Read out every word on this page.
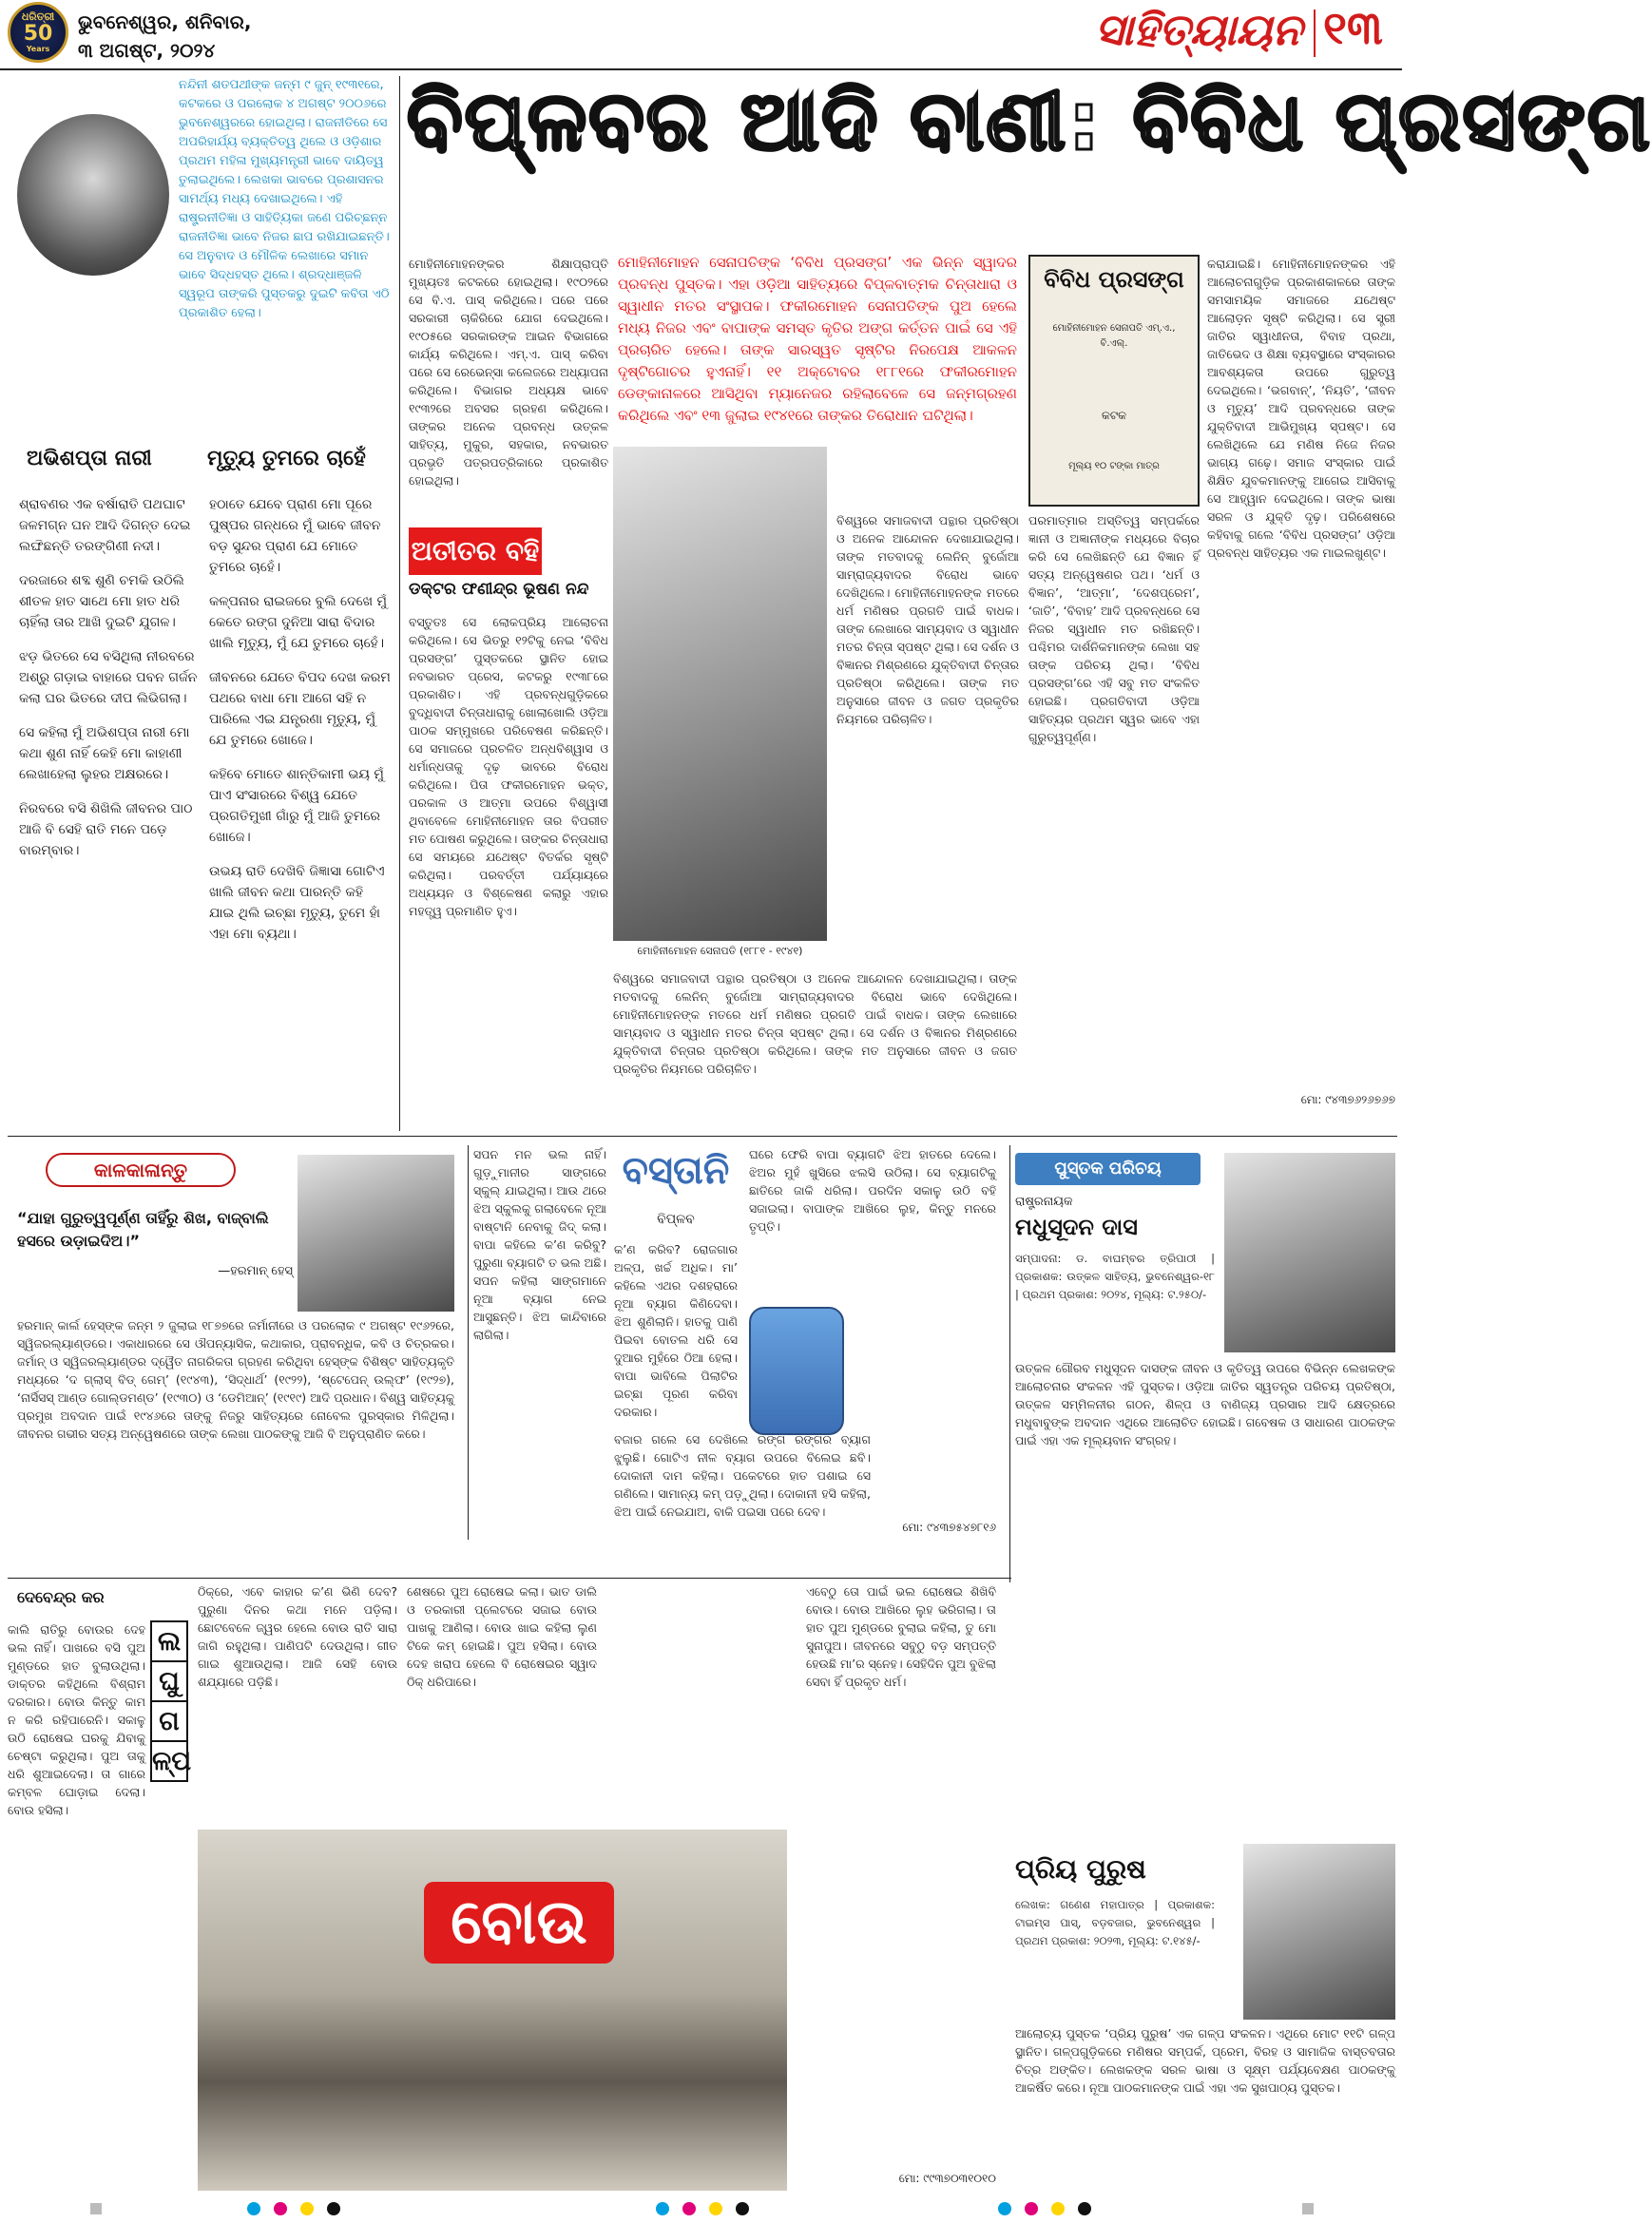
ଧରିତ୍ରୀ
50
Years
ଭୁବନେଶ୍ୱର, ଶନିବାର,
୩ ଅଗଷ୍ଟ, ୨୦୨୪	ସାହିତ୍ୟାୟନ ୧୩
ନନ୍ଦିନୀ ଶତପଥୀଙ୍କ ଜନ୍ମ ୯ ଜୁନ୍ ୧୯୩୧ରେ, କଟକରେ ଓ ପରଲୋକ ୪ ଅଗଷ୍ଟ ୨୦୦୬ରେ ଭୁବନେଶ୍ୱରରେ ହୋଇଥିଲା। ରାଜନୀତିରେ ସେ ଅପରିହାର୍ଯ୍ୟ ବ୍ୟକ୍ତିତ୍ୱ ଥିଲେ ଓ ଓଡ଼ିଶାର ପ୍ରଥମ ମହିଳା ମୁଖ୍ୟମନ୍ତ୍ରୀ ଭାବେ ଦାୟିତ୍ୱ ତୁଲାଇଥିଲେ। ଲେଖକା ଭାବରେ ପ୍ରଶାସନର ସାମର୍ଥ୍ୟ ମଧ୍ୟ ଦେଖାଇଥିଲେ। ଏହି ରାଷ୍ଟ୍ରନୀତିଜ୍ଞା ଓ ସାହିତ୍ୟିକା ଜଣେ ପରିଚ୍ଛନ୍ନ ରାଜନୀତିଜ୍ଞା ଭାବେ ନିଜର ଛାପ ରଖିଯାଇଛନ୍ତି। ସେ ଅନୁବାଦ ଓ ମୌଳିକ ଲେଖାରେ ସମାନ ଭାବେ ସିଦ୍ଧହସ୍ତ ଥିଲେ। ଶ୍ରଦ୍ଧାଞ୍ଜଳି ସ୍ୱରୂପ ତାଙ୍କରି ପୁସ୍ତକରୁ ଦୁଇଟି କବିତା ଏଠି ପ୍ରକାଶିତ ହେଲା।
ଅଭିଶପ୍ତା ନାରୀ	ମୃତ୍ୟୁ ତୁମରେ ଚାହେଁ

ଶ୍ରାବଣର ଏକ ବର୍ଷାରାତି ପଥଘାଟ ଜଳମଗ୍ନ ଘନ ଆଦି ଦିଗନ୍ତ ଦେଇ ଲଙ୍ଘିଛନ୍ତି ତରଙ୍ଗିଣୀ ନଦୀ।

ଦରଜାରେ ଶବ୍ଦ ଶୁଣି ଚମକି ଉଠିଲି ଶୀତଳ ହାତ ସାଥେ ମୋ ହାତ ଧରି ଚାହିଁଲା ତାର ଆଖି ଦୁଇଟି ଯୁଗଳ।

ଝଡ଼ ଭିତରେ ସେ ବସିଥିଲା ନୀରବରେ ଅଶ୍ରୁ ଗଡ଼ାଇ ବାହାରେ ପବନ ଗର୍ଜନ କଲା ଘର ଭିତରେ ଦୀପ ଲିଭିଗଲା।

ସେ କହିଲା ମୁଁ ଅଭିଶପ୍ତା ନାରୀ ମୋ କଥା ଶୁଣ ନାହିଁ କେହି ମୋ କାହାଣୀ ଲେଖାହେଲା ଲୁହର ଅକ୍ଷରରେ।

ନିରବରେ ବସି ଶିଖିଲି ଜୀବନର ପାଠ ଆଜି ବି ସେହି ରାତି ମନେ ପଡ଼େ ବାରମ୍ବାର।

ହଠାତେ ଯେବେ ପ୍ରାଣ ମୋ ପୂରେ ପୁଷ୍ପର ଗନ୍ଧରେ ମୁଁ ଭାବେ ଜୀବନ ବଡ଼ ସୁନ୍ଦର ପ୍ରାଣ ଯେ ମୋତେ ତୁମରେ ଚାହେଁ।

କଳ୍ପନାର ରାଇଜରେ ବୁଲି ଦେଖେ ମୁଁ କେତେ ରଙ୍ଗ ଦୁନିଆ ସାରା ବିଦାର ଖାଲି ମୃତ୍ୟୁ, ମୁଁ ଯେ ତୁମରେ ଚାହେଁ।

ଜୀବନରେ ଯେତେ ବିପଦ ଦେଖ କରମ ପଥରେ ବାଧା ମୋ ଆଗେ ସହି ନ ପାରିଲେ ଏଇ ଯନ୍ତ୍ରଣା ମୃତ୍ୟୁ, ମୁଁ ଯେ ତୁମରେ ଖୋଜେ।

କହିବେ ମୋତେ ଶାନ୍ତିକାମୀ ଭୟ ମୁଁ ପାଏ ସଂସାରରେ ବିଶ୍ୱ ଯେତେ ପ୍ରଗତିମୁଖୀ ଗାଁରୁ ମୁଁ ଆଜି ତୁମରେ ଖୋଜେ।

ଉଭୟ ରାତି ଦେଖିବି ଜିଜ୍ଞାସା ଗୋଟିଏ ଖାଲି ଜୀବନ କଥା ପାରନ୍ତି କହି ଯାଇ ଥିଲି ଇଚ୍ଛା ମୃତ୍ୟୁ, ତୁମେ ହାଁ ଏହା ମୋ ବ୍ୟଥା।

ବିପ୍ଳବର ଆଦି ବାଣୀ: ବିବିଧ ପ୍ରସଙ୍ଗ
ମୋହିନୀମୋହନଙ୍କର ଶିକ୍ଷାପ୍ରାପ୍ତି ମୁଖ୍ୟତଃ କଟକରେ ହୋଇଥିଲା। ୧୯୦୨ରେ ସେ ବି.ଏ. ପାସ୍ କରିଥିଲେ। ପରେ ପରେ ସରକାରୀ ଚାକିରିରେ ଯୋଗ ଦେଇଥିଲେ। ୧୯୦୫ରେ ସରକାରଙ୍କ ଆଇନ ବିଭାଗରେ କାର୍ଯ୍ୟ କରିଥିଲେ। ଏମ୍.ଏ. ପାସ୍ କରିବା ପରେ ସେ ରେଭେନ୍ସା କଲେଜରେ ଅଧ୍ୟାପନା କରିଥିଲେ। ବିଭାଗର ଅଧ୍ୟକ୍ଷ ଭାବେ ୧୯୩୨ରେ ଅବସର ଗ୍ରହଣ କରିଥିଲେ। ତାଙ୍କର ଅନେକ ପ୍ରବନ୍ଧ ଉତ୍କଳ ସାହିତ୍ୟ, ମୁକୁର, ସହକାର, ନବଭାରତ ପ୍ରଭୃତି ପତ୍ରପତ୍ରିକାରେ ପ୍ରକାଶିତ ହୋଇଥିଲା।
ମୋହିନୀମୋହନ ସେନାପତିଙ୍କ ‘ବିବିଧ ପ୍ରସଙ୍ଗ’ ଏକ ଭିନ୍ନ ସ୍ୱାଦର ପ୍ରବନ୍ଧ ପୁସ୍ତକ। ଏହା ଓଡ଼ିଆ ସାହିତ୍ୟରେ ବିପ୍ଳବାତ୍ମକ ଚିନ୍ତାଧାରା ଓ ସ୍ୱାଧୀନ ମତର ସଂସ୍ଥାପକ। ଫକୀରମୋହନ ସେନାପତିଙ୍କ ପୁଅ ହେଲେ ମଧ୍ୟ ନିଜର ଏବଂ ବାପାଙ୍କ ସମସ୍ତ କୃତିର ଅଙ୍ଗ କର୍ତ୍ତନ ପାଇଁ ସେ ଏହି ପ୍ରଚାରିତ ହେଲେ। ତାଙ୍କ ସାରସ୍ୱତ ସୃଷ୍ଟିର ନିରପେକ୍ଷ ଆକଳନ ଦୃଷ୍ଟିଗୋଚର ହୁଏନାହିଁ। ୧୧ ଅକ୍ଟୋବର ୧୮୮୧ରେ ଫକୀରମୋହନ ଡେଙ୍କାନାଳରେ ଆସିଥିବା ମ୍ୟାନେଜର ରହିଲାବେଳେ ସେ ଜନ୍ମଗ୍ରହଣ କରିଥିଲେ ଏବଂ ୧୩ ଜୁଲାଇ ୧୯୪୧ରେ ତାଙ୍କର ତିରୋଧାନ ଘଟିଥିଲା।
ବିବିଧ ପ୍ରସଙ୍ଗ
ମୋହିନୀମୋହନ ସେନାପତି ଏମ୍.ଏ., ବି.ଏଲ୍.
କଟକ
ମୂଲ୍ୟ ୧୦ ଟଙ୍କା ମାତ୍ର
କରାଯାଇଛି। ମୋହିନୀମୋହନଙ୍କର ଏହି ଆଲୋଚନାଗୁଡ଼ିକ ପ୍ରକାଶକାଳରେ ତାଙ୍କ ସମସାମୟିକ ସମାଜରେ ଯଥେଷ୍ଟ ଆଲୋଡ଼ନ ସୃଷ୍ଟି କରିଥିଲା। ସେ ସ୍ତ୍ରୀ ଜାତିର ସ୍ୱାଧୀନତା, ବିବାହ ପ୍ରଥା, ଜାତିଭେଦ ଓ ଶିକ୍ଷା ବ୍ୟବସ୍ଥାରେ ସଂସ୍କାରର ଆବଶ୍ୟକତା ଉପରେ ଗୁରୁତ୍ୱ ଦେଇଥିଲେ। ‘ଭଗବାନ୍’, ‘ନିୟତି’, ‘ଜୀବନ ଓ ମୃତ୍ୟୁ’ ଆଦି ପ୍ରବନ୍ଧରେ ତାଙ୍କ ଯୁକ୍ତିବାଦୀ ଆଭିମୁଖ୍ୟ ସ୍ପଷ୍ଟ। ସେ ଲେଖିଥିଲେ ଯେ ମଣିଷ ନିଜେ ନିଜର ଭାଗ୍ୟ ଗଢ଼େ। ସମାଜ ସଂସ୍କାର ପାଇଁ ଶିକ୍ଷିତ ଯୁବକମାନଙ୍କୁ ଆଗେଇ ଆସିବାକୁ ସେ ଆହ୍ୱାନ ଦେଇଥିଲେ। ତାଙ୍କ ଭାଷା ସରଳ ଓ ଯୁକ୍ତି ଦୃଢ଼। ପରିଶେଷରେ କହିବାକୁ ଗଲେ ‘ବିବିଧ ପ୍ରସଙ୍ଗ’ ଓଡ଼ିଆ ପ୍ରବନ୍ଧ ସାହିତ୍ୟର ଏକ ମାଇଲଖୁଣ୍ଟ।
ଅତୀତର ବହି
ଡକ୍ଟର ଫଣୀନ୍ଦ୍ର ଭୂଷଣ ନନ୍ଦ
ବସ୍ତୁତଃ ସେ ଲୋକପ୍ରିୟ ଆଲୋଚନା କରିଥିଲେ। ସେ ଭିତରୁ ୧୨ଟିକୁ ନେଇ ‘ବିବିଧ ପ୍ରସଙ୍ଗ’ ପୁସ୍ତକରେ ସ୍ଥାନିତ ହୋଇ ନବଭାରତ ପ୍ରେସ, କଟକରୁ ୧୯୩୮ରେ ପ୍ରକାଶିତ। ଏହି ପ୍ରବନ୍ଧଗୁଡ଼ିକରେ ବୁଦ୍ଧିବାଦୀ ଚିନ୍ତାଧାରାକୁ ଖୋଲାଖୋଲି ଓଡ଼ିଆ ପାଠକ ସମ୍ମୁଖରେ ପରିବେଷଣ କରିଛନ୍ତି। ସେ ସମାଜରେ ପ୍ରଚଳିତ ଅନ୍ଧବିଶ୍ୱାସ ଓ ଧର୍ମାନ୍ଧତାକୁ ଦୃଢ଼ ଭାବରେ ବିରୋଧ କରିଥିଲେ। ପିତା ଫକୀରମୋହନ ଭକ୍ତ, ପରକାଳ ଓ ଆତ୍ମା ଉପରେ ବିଶ୍ୱାସୀ ଥିବାବେଳେ ମୋହିନୀମୋହନ ତାର ବିପରୀତ ମତ ପୋଷଣ କରୁଥିଲେ। ତାଙ୍କର ଚିନ୍ତାଧାରା ସେ ସମୟରେ ଯଥେଷ୍ଟ ବିତର୍କର ସୃଷ୍ଟି କରିଥିଲା। ପରବର୍ତ୍ତୀ ପର୍ଯ୍ୟାୟରେ ଅଧ୍ୟୟନ ଓ ବିଶ୍ଳେଷଣ କଲାରୁ ଏହାର ମହତ୍ତ୍ୱ ପ୍ରମାଣିତ ହୁଏ।
ମୋହିନୀମୋହନ ସେନାପତି (୧୮୮୧ - ୧୯୪୧)
ବିଶ୍ୱରେ ସମାଜବାଦୀ ପନ୍ଥାର ପ୍ରତିଷ୍ଠା ଓ ଅନେକ ଆନ୍ଦୋଳନ ଦେଖାଯାଇଥିଲା। ତାଙ୍କ ମତବାଦକୁ ଲେନିନ୍ ବୁର୍ଜୋଆ ସାମ୍ରାଜ୍ୟବାଦର ବିରୋଧ ଭାବେ ଦେଖିଥିଲେ। ମୋହିନୀମୋହନଙ୍କ ମତରେ ଧର୍ମ ମଣିଷର ପ୍ରଗତି ପାଇଁ ବାଧକ। ତାଙ୍କ ଲେଖାରେ ସାମ୍ୟବାଦ ଓ ସ୍ୱାଧୀନ ମତର ଚିନ୍ତା ସ୍ପଷ୍ଟ ଥିଲା। ସେ ଦର୍ଶନ ଓ ବିଜ୍ଞାନର ମିଶ୍ରଣରେ ଯୁକ୍ତିବାଦୀ ଚିନ୍ତାର ପ୍ରତିଷ୍ଠା କରିଥିଲେ। ତାଙ୍କ ମତ ଅନୁସାରେ ଜୀବନ ଓ ଜଗତ ପ୍ରକୃତିର ନିୟମରେ ପରିଚାଳିତ।
ପରମାତ୍ମାର ଅସ୍ତିତ୍ୱ ସମ୍ପର୍କରେ ଜ୍ଞାନୀ ଓ ଅଜ୍ଞାନୀଙ୍କ ମଧ୍ୟରେ ବିଚାର କରି ସେ ଲେଖିଛନ୍ତି ଯେ ବିଜ୍ଞାନ ହିଁ ସତ୍ୟ ଅନ୍ୱେଷଣର ପଥ। ‘ଧର୍ମ ଓ ବିଜ୍ଞାନ’, ‘ଆତ୍ମା’, ‘ଦେଶପ୍ରେମ’, ‘ଜାତି’, ‘ବିବାହ’ ଆଦି ପ୍ରବନ୍ଧରେ ସେ ନିଜର ସ୍ୱାଧୀନ ମତ ରଖିଛନ୍ତି। ପଶ୍ଚିମର ଦାର୍ଶନିକମାନଙ୍କ ଲେଖା ସହ ତାଙ୍କ ପରିଚୟ ଥିଲା। ‘ବିବିଧ ପ୍ରସଙ୍ଗ’ରେ ଏହି ସବୁ ମତ ସଂକଳିତ ହୋଇଛି। ପ୍ରଗତିବାଦୀ ଓଡ଼ିଆ ସାହିତ୍ୟର ପ୍ରଥମ ସ୍ୱର ଭାବେ ଏହା ଗୁରୁତ୍ୱପୂର୍ଣ୍ଣ।
ବିଶ୍ୱରେ ସମାଜବାଦୀ ପନ୍ଥାର ପ୍ରତିଷ୍ଠା ଓ ଅନେକ ଆନ୍ଦୋଳନ ଦେଖାଯାଇଥିଲା। ତାଙ୍କ ମତବାଦକୁ ଲେନିନ୍ ବୁର୍ଜୋଆ ସାମ୍ରାଜ୍ୟବାଦର ବିରୋଧ ଭାବେ ଦେଖିଥିଲେ। ମୋହିନୀମୋହନଙ୍କ ମତରେ ଧର୍ମ ମଣିଷର ପ୍ରଗତି ପାଇଁ ବାଧକ। ତାଙ୍କ ଲେଖାରେ ସାମ୍ୟବାଦ ଓ ସ୍ୱାଧୀନ ମତର ଚିନ୍ତା ସ୍ପଷ୍ଟ ଥିଲା। ସେ ଦର୍ଶନ ଓ ବିଜ୍ଞାନର ମିଶ୍ରଣରେ ଯୁକ୍ତିବାଦୀ ଚିନ୍ତାର ପ୍ରତିଷ୍ଠା କରିଥିଲେ। ତାଙ୍କ ମତ ଅନୁସାରେ ଜୀବନ ଓ ଜଗତ ପ୍ରକୃତିର ନିୟମରେ ପରିଚାଳିତ।
ମୋ: ୯୪୩୭୬୨୬୭୬୭
କାଳକାଳାନ୍ତୁ
“ଯାହା ଗୁରୁତ୍ୱପୂର୍ଣ୍ଣ ତାହିଁରୁ ଶିଖ, ବାଜ୍‌ବାଲି ହସରେ ଉଡ଼ାଇଦିଅ।”
—ହରମାନ୍ ହେସ୍
ହରମାନ୍ କାର୍ଲ ହେସ୍‌ଙ୍କ ଜନ୍ମ ୨ ଜୁଲାଇ ୧୮୭୭ରେ ଜର୍ମାନୀରେ ଓ ପରଲୋକ ୯ ଅଗଷ୍ଟ ୧୯୬୨ରେ, ସ୍ୱିଜରଲ୍ୟାଣ୍ଡରେ। ଏକାଧାରରେ ସେ ଔପନ୍ୟାସିକ, କଥାକାର, ପ୍ରାବନ୍ଧିକ, କବି ଓ ଚିତ୍ରକର। ଜର୍ମାନ୍ ଓ ସ୍ୱିଜରଲ୍ୟାଣ୍ଡର ଦ୍ୱୈତ ନାଗରିକତା ଗ୍ରହଣ କରିଥିବା ହେସ୍‌ଙ୍କ ବିଶିଷ୍ଟ ସାହିତ୍ୟକୃତି ମଧ୍ୟରେ ‘ଦ ଗ୍ଲାସ୍ ବିଡ୍ ଗେମ୍’ (୧୯୪୩), ‘ସିଦ୍ଧାର୍ଥ’ (୧୯୨୨), ‘ଷ୍ଟେପେନ୍ ଉଲ୍ଫ’ (୧୯୨୭), ‘ନାର୍ସିସସ୍ ଆଣ୍ଡ ଗୋଲ୍ଡମଣ୍ଡ’ (୧୯୩୦) ଓ ‘ଡେମିଆନ୍’ (୧୯୧୯) ଆଦି ପ୍ରଧାନ। ବିଶ୍ୱ ସାହିତ୍ୟକୁ ପ୍ରମୁଖ ଅବଦାନ ପାଇଁ ୧୯୪୬ରେ ତାଙ୍କୁ ନିଜରୁ ସାହିତ୍ୟରେ ନୋବେଲ ପୁରସ୍କାର ମିଳିଥିଲା। ଜୀବନର ଗଭୀର ସତ୍ୟ ଅନ୍ୱେଷଣରେ ତାଙ୍କ ଲେଖା ପାଠକଙ୍କୁ ଆଜି ବି ଅନୁପ୍ରାଣିତ କରେ।
ସପନ ମନ ଭଲ ନାହିଁ। ଗୁଡ଼ୁମାନୀର ସାଙ୍ଗରେ ସ୍କୁଲ୍ ଯାଇଥିଲା। ଆଉ ଥରେ ଝିଅ ସ୍କୁଲକୁ ଗଲାବେଳେ ନୂଆ ବାଷ୍ଟାନି ନେବାକୁ ଜିଦ୍ କଲା। ବାପା କହିଲେ କ’ଣ କରିବୁ? ପୁରୁଣା ବ୍ୟାଗଟି ତ ଭଲ ଅଛି। ସପନ କହିଲା ସାଙ୍ଗମାନେ ନୂଆ ବ୍ୟାଗ ନେଇ ଆସୁଛନ୍ତି। ଝିଅ କାନ୍ଦିବାରେ ଲାଗିଲା।
ବସ୍ତାନି
ବିପ୍ଳବ
କ’ଣ କରିବ? ରୋଜଗାର ଅଳ୍ପ, ଖର୍ଚ୍ଚ ଅଧିକ। ମା’ କହିଲେ ଏଥର ଦଶହରାରେ ନୂଆ ବ୍ୟାଗ କିଣିଦେବା। ଝିଅ ଶୁଣିଲାନି। ହାତକୁ ପାଣି ପିଇବା ବୋତଲ ଧରି ସେ ଦୁଆର ମୁହଁରେ ଠିଆ ହେଲା। ବାପା ଭାବିଲେ ପିଲାଟିର ଇଚ୍ଛା ପୂରଣ କରିବା ଦରକାର।
ବଜାର ଗଲେ ସେ ଦେଖିଲେ ରଙ୍ଗ ରଙ୍ଗର ବ୍ୟାଗ ଝୁଲୁଛି। ଗୋଟିଏ ନୀଳ ବ୍ୟାଗ ଉପରେ ବିଲେଇ ଛବି। ଦୋକାନୀ ଦାମ କହିଲା। ପକେଟରେ ହାତ ପଶାଇ ସେ ଗଣିଲେ। ସାମାନ୍ୟ କମ୍ ପଡ଼ୁଥିଲା। ଦୋକାନୀ ହସି କହିଲା, ଝିଅ ପାଇଁ ନେଇଯାଅ, ବାକି ପଇସା ପରେ ଦେବ।
ଘରେ ଫେରି ବାପା ବ୍ୟାଗଟି ଝିଅ ହାତରେ ଦେଲେ। ଝିଅର ମୁହଁ ଖୁସିରେ ଝଲସି ଉଠିଲା। ସେ ବ୍ୟାଗଟିକୁ ଛାତିରେ ଜାକି ଧରିଲା। ପରଦିନ ସକାଳୁ ଉଠି ବହି ସଜାଇଲା। ବାପାଙ୍କ ଆଖିରେ ଲୁହ, କିନ୍ତୁ ମନରେ ତୃପ୍ତି।
ମୋ: ୯୪୩୭୫୪୭୮୧୬
ପୁସ୍ତକ ପରିଚୟ
ରାଷ୍ଟ୍ରନାୟକ
ମଧୁସୂଦନ ଦାସ
ସମ୍ପାଦନା: ଡ. ବାଘମ୍ବର ତ୍ରିପାଠୀ | ପ୍ରକାଶକ: ଉତ୍କଳ ସାହିତ୍ୟ, ଭୁବନେଶ୍ୱର-୧୮ | ପ୍ରଥମ ପ୍ରକାଶ: ୨୦୨୪, ମୂଲ୍ୟ: ଟ.୨୫୦/-
ଉତ୍କଳ ଗୌରବ ମଧୁସୂଦନ ଦାସଙ୍କ ଜୀବନ ଓ କୃତିତ୍ୱ ଉପରେ ବିଭିନ୍ନ ଲେଖକଙ୍କ ଆଲୋଚନାର ସଂକଳନ ଏହି ପୁସ୍ତକ। ଓଡ଼ିଆ ଜାତିର ସ୍ୱତନ୍ତ୍ର ପରିଚୟ ପ୍ରତିଷ୍ଠା, ଉତ୍କଳ ସମ୍ମିଳନୀର ଗଠନ, ଶିଳ୍ପ ଓ ବାଣିଜ୍ୟ ପ୍ରସାର ଆଦି କ୍ଷେତ୍ରରେ ମଧୁବାବୁଙ୍କ ଅବଦାନ ଏଥିରେ ଆଲୋଚିତ ହୋଇଛି। ଗବେଷକ ଓ ସାଧାରଣ ପାଠକଙ୍କ ପାଇଁ ଏହା ଏକ ମୂଲ୍ୟବାନ ସଂଗ୍ରହ।
ପ୍ରିୟ ପୁରୁଷ
ଲେଖକ: ଗଣେଶ ମହାପାତ୍ର | ପ୍ରକାଶକ: ଟାଇମ୍ସ ପାସ୍, ବଡ଼ବଜାର, ଭୁବନେଶ୍ୱର | ପ୍ରଥମ ପ୍ରକାଶ: ୨୦୨୩, ମୂଲ୍ୟ: ଟ.୧୪୫/-
ଆଲୋଚ୍ୟ ପୁସ୍ତକ ‘ପ୍ରିୟ ପୁରୁଷ’ ଏକ ଗଳ୍ପ ସଂକଳନ। ଏଥିରେ ମୋଟ ୧୧ଟି ଗଳ୍ପ ସ୍ଥାନିତ। ଗଳ୍ପଗୁଡ଼ିକରେ ମଣିଷର ସମ୍ପର୍କ, ପ୍ରେମ, ବିରହ ଓ ସାମାଜିକ ବାସ୍ତବତାର ଚିତ୍ର ଅଙ୍କିତ। ଲେଖକଙ୍କ ସରଳ ଭାଷା ଓ ସୂକ୍ଷ୍ମ ପର୍ଯ୍ୟବେକ୍ଷଣ ପାଠକଙ୍କୁ ଆକର୍ଷିତ କରେ। ନୂଆ ପାଠକମାନଙ୍କ ପାଇଁ ଏହା ଏକ ସୁଖପାଠ୍ୟ ପୁସ୍ତକ।
ଦେବେନ୍ଦ୍ର କର
ଲ
ଘୁ
ଗ
ଳ୍ପ
କାଲି ରାତିରୁ ବୋଉର ଦେହ ଭଲ ନାହିଁ। ପାଖରେ ବସି ପୁଅ ମୁଣ୍ଡରେ ହାତ ବୁଲାଉଥିଲା। ଡାକ୍ତର କହିଥିଲେ ବିଶ୍ରାମ ଦରକାର। ବୋଉ କିନ୍ତୁ କାମ ନ କରି ରହିପାରେନି। ସକାଳୁ ଉଠି ରୋଷେଇ ଘରକୁ ଯିବାକୁ ଚେଷ୍ଟା କରୁଥିଲା। ପୁଅ ତାକୁ ଧରି ଶୁଆଇଦେଲା। ତା ଗାରେ କମ୍ବଳ ଘୋଡ଼ାଇ ଦେଲା। ବୋଉ ହସିଲା।
ଠିକ୍‌ରେ, ଏବେ କାହାର କ’ଣ ଭିଣି ଦେବ? ପୁରୁଣା ଦିନର କଥା ମନେ ପଡ଼ିଲା। ଛୋଟବେଳେ ଜ୍ୱର ହେଲେ ବୋଉ ରାତି ସାରା ଜାଗି ରହୁଥିଲା। ପାଣିପଟି ଦେଉଥିଲା। ଗୀତ ଗାଇ ଶୁଆଉଥିଲା। ଆଜି ସେହି ବୋଉ ଶଯ୍ୟାରେ ପଡ଼ିଛି।
ଶେଷରେ ପୁଅ ରୋଷେଇ କଲା। ଭାତ ଡାଲି ଓ ତରକାରୀ ପ୍ଲେଟରେ ସଜାଇ ବୋଉ ପାଖକୁ ଆଣିଲା। ବୋଉ ଖାଇ କହିଲା ଲୁଣ ଟିକେ କମ୍ ହୋଇଛି। ପୁଅ ହସିଲା। ବୋଉ ଦେହ ଖରାପ ହେଲେ ବି ରୋଷେଇର ସ୍ୱାଦ ଠିକ୍ ଧରିପାରେ।
ଏବେଠୁ ତୋ ପାଇଁ ଭଲ ରୋଷେଇ ଶିଖିବି ବୋଉ। ବୋଉ ଆଖିରେ ଲୁହ ଭରିଗଲା। ତା ହାତ ପୁଅ ମୁଣ୍ଡରେ ବୁଲାଇ କହିଲା, ତୁ ମୋ ସୁନାପୁଅ। ଜୀବନରେ ସବୁଠୁ ବଡ଼ ସମ୍ପତ୍ତି ହେଉଛି ମା’ର ସ୍ନେହ। ସେହିଦିନ ପୁଅ ବୁଝିଲା ସେବା ହିଁ ପ୍ରକୃତ ଧର୍ମ।
ବୋଉ
ମୋ: ୯୯୩୭୦୩୧୦୧୦
